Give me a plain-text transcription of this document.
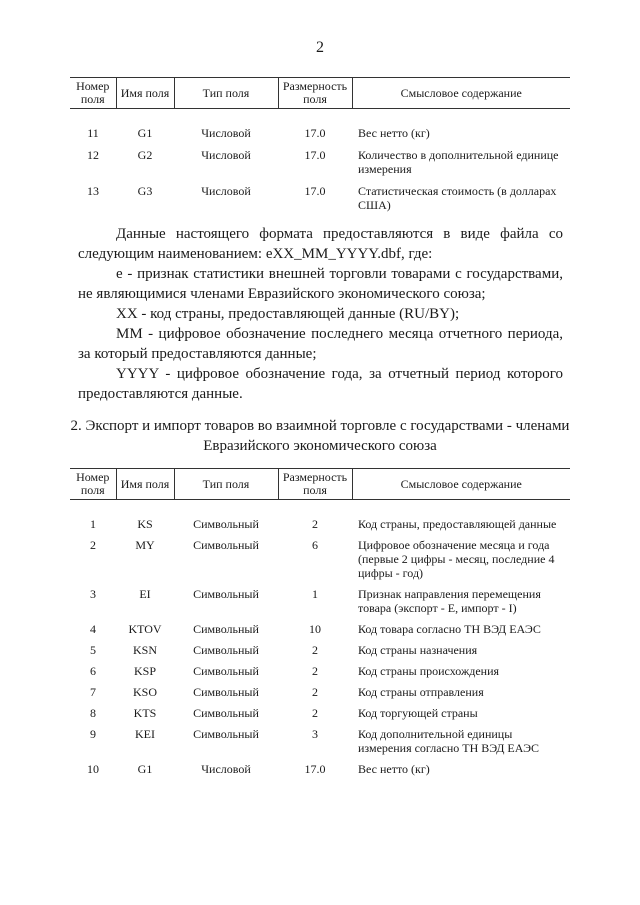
2
Номер поля	Имя поля	Тип поля	Размерность поля	Смысловое содержание

11	G1	Числовой	17.0	Вес нетто (кг)
12	G2	Числовой	17.0	Количество в дополнительной единице измерения
13	G3	Числовой	17.0	Статистическая стоимость (в долларах США)

Данные настоящего формата предоставляются в виде файла со следующим наименованием: eXX_MM_YYYY.dbf, где:

e - признак статистики внешней торговли товарами с государствами, не являющимися членами Евразийского экономического союза;

XX - код страны, предоставляющей данные (RU/BY);

MM - цифровое обозначение последнего месяца отчетного периода, за который предоставляются данные;

YYYY - цифровое обозначение года, за отчетный период которого предоставляются данные.

2. Экспорт и импорт товаров во взаимной торговле с государствами - членами Евразийского экономического союза
Номер поля	Имя поля	Тип поля	Размерность поля	Смысловое содержание

1	KS	Символьный	2	Код страны, предоставляющей данные
2	MY	Символьный	6	Цифровое обозначение месяца и года (первые 2 цифры - месяц, последние 4 цифры - год)
3	EI	Символьный	1	Признак направления перемещения товара (экспорт - E, импорт - I)
4	KTOV	Символьный	10	Код товара согласно ТН ВЭД ЕАЭС
5	KSN	Символьный	2	Код страны назначения
6	KSP	Символьный	2	Код страны происхождения
7	KSO	Символьный	2	Код страны отправления
8	KTS	Символьный	2	Код торгующей страны
9	KEI	Символьный	3	Код дополнительной единицы измерения согласно ТН ВЭД ЕАЭС
10	G1	Числовой	17.0	Вес нетто (кг)
